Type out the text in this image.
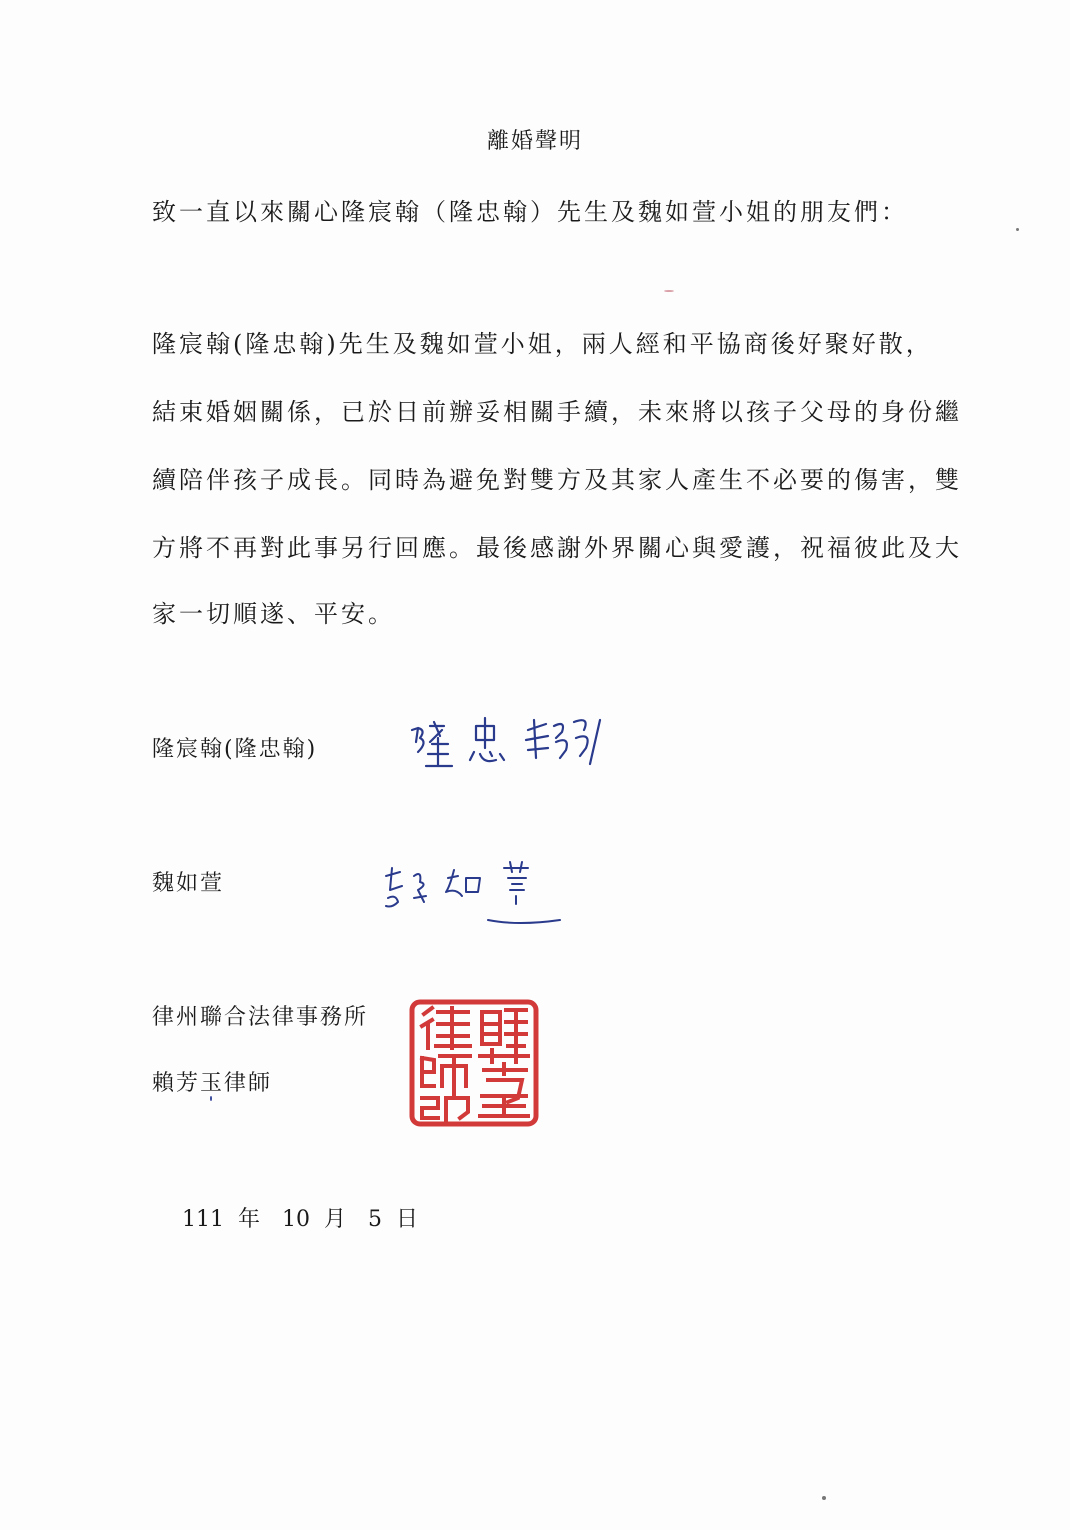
離婚聲明
致一直以來關心隆宸翰（隆忠翰）先生及魏如萱小姐的朋友們：
隆宸翰(隆忠翰)先生及魏如萱小姐，兩人經和平協商後好聚好散，
結束婚姻關係，已於日前辦妥相關手續，未來將以孩子父母的身份繼
續陪伴孩子成長。同時為避免對雙方及其家人產生不必要的傷害，雙
方將不再對此事另行回應。最後感謝外界關心與愛護，祝福彼此及大
家一切順遂、平安。
隆宸翰(隆忠翰)
魏如萱
律州聯合法律事務所
賴芳玉律師
111 年 10 月 5 日
